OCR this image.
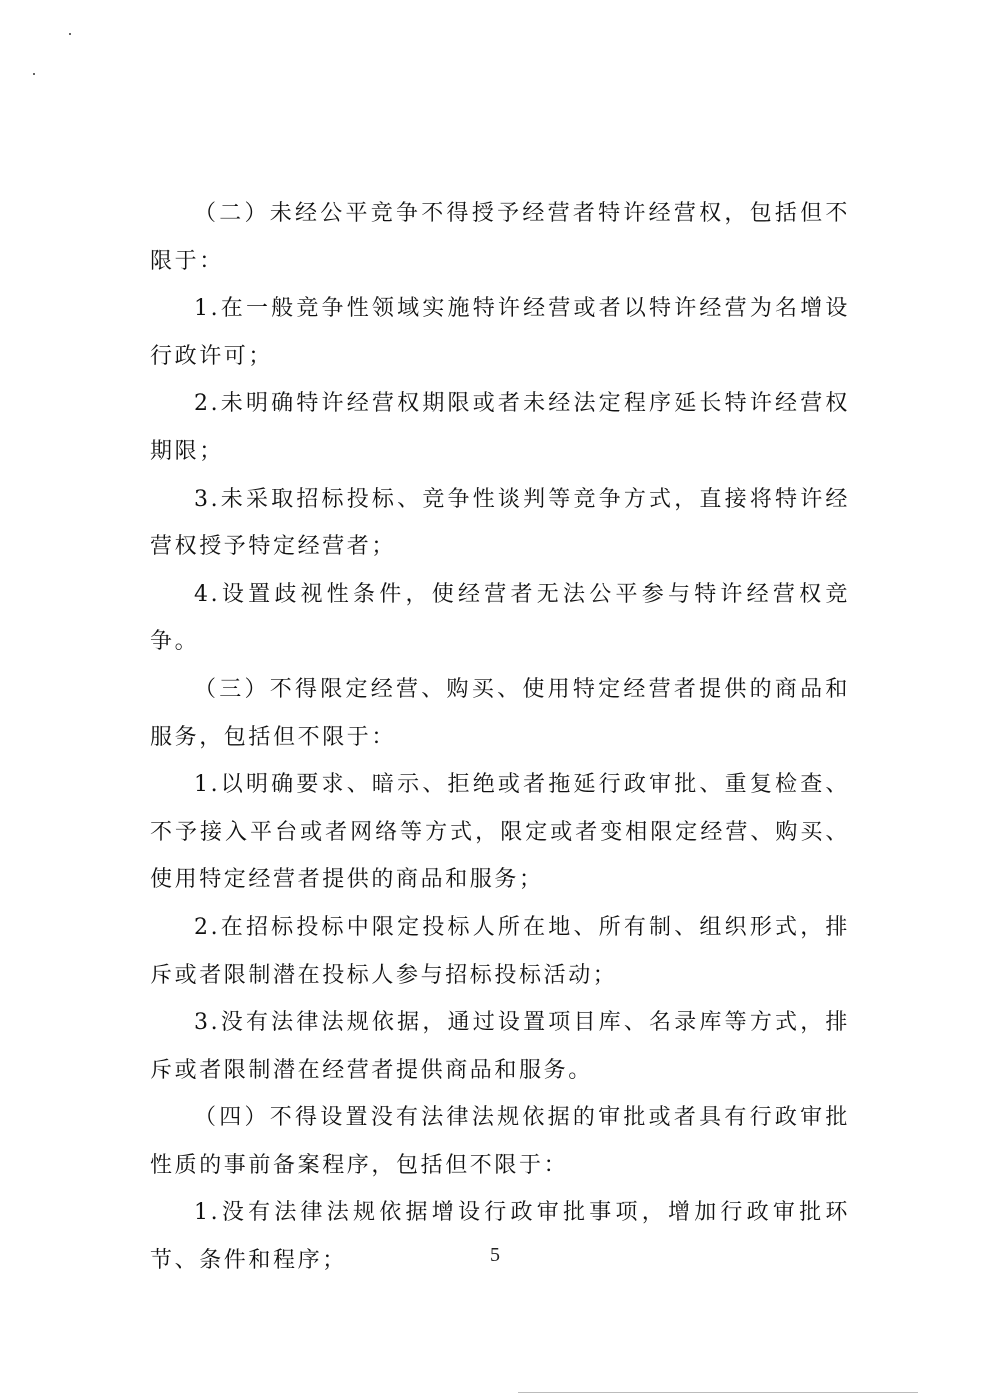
（二）未经公平竞争不得授予经营者特许经营权，包括但不限于：

1.在一般竞争性领域实施特许经营或者以特许经营为名增设行政许可；

2.未明确特许经营权期限或者未经法定程序延长特许经营权期限；

3.未采取招标投标、竞争性谈判等竞争方式，直接将特许经营权授予特定经营者；

4.设置歧视性条件，使经营者无法公平参与特许经营权竞争。

（三）不得限定经营、购买、使用特定经营者提供的商品和服务，包括但不限于：

1.以明确要求、暗示、拒绝或者拖延行政审批、重复检查、不予接入平台或者网络等方式，限定或者变相限定经营、购买、使用特定经营者提供的商品和服务；

2.在招标投标中限定投标人所在地、所有制、组织形式，排斥或者限制潜在投标人参与招标投标活动；

3.没有法律法规依据，通过设置项目库、名录库等方式，排斥或者限制潜在经营者提供商品和服务。

（四）不得设置没有法律法规依据的审批或者具有行政审批性质的事前备案程序，包括但不限于：

1.没有法律法规依据增设行政审批事项，增加行政审批环节、条件和程序；	5
